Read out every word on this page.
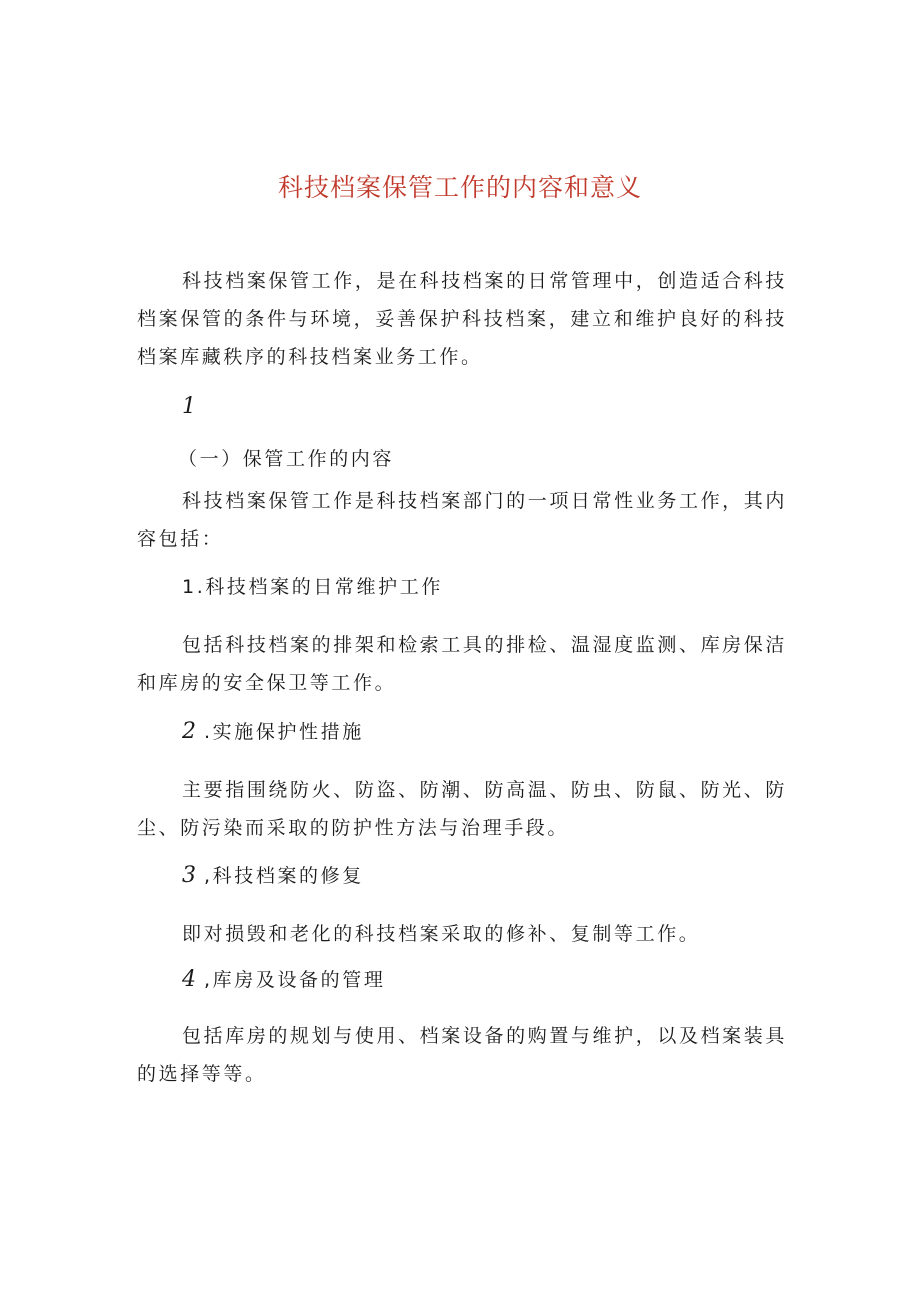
科技档案保管工作的内容和意义

科技档案保管工作，是在科技档案的日常管理中，创造适合科技档案保管的条件与环境，妥善保护科技档案，建立和维护良好的科技档案库藏秩序的科技档案业务工作。

1
（一）保管工作的内容

科技档案保管工作是科技档案部门的一项日常性业务工作，其内容包括：

1.科技档案的日常维护工作

包括科技档案的排架和检索工具的排检、温湿度监测、库房保洁和库房的安全保卫等工作。

2 .实施保护性措施

主要指围绕防火、防盗、防潮、防高温、防虫、防鼠、防光、防尘、防污染而采取的防护性方法与治理手段。

3 ,科技档案的修复

即对损毁和老化的科技档案采取的修补、复制等工作。

4 ,库房及设备的管理

包括库房的规划与使用、档案设备的购置与维护，以及档案装具的选择等等。
